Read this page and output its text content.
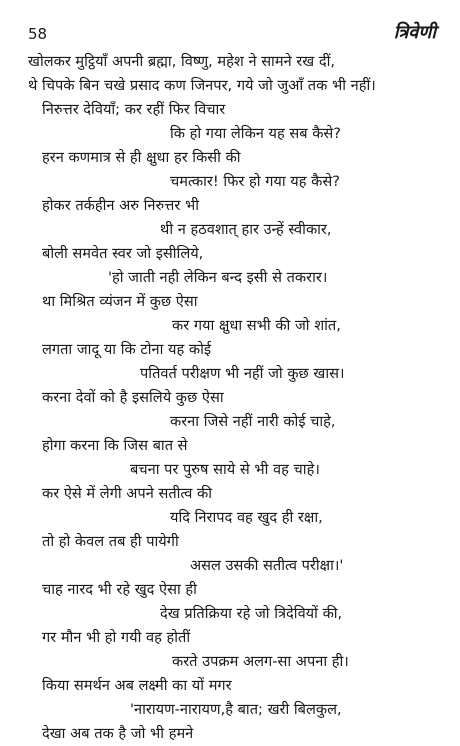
58	त्रिवेणी
खोलकर मुट्ठियाँ अपनी ब्रह्मा, विष्णु, महेश ने सामने रख दीं,
थे चिपके बिन चखे प्रसाद कण जिनपर, गये जो जुआँ तक भी नहीं।
निरुत्तर देवियाँ; कर रहीं फिर विचार
कि हो गया लेकिन यह सब कैसे?
हरन कणमात्र से ही क्षुधा हर किसी की
चमत्कार! फिर हो गया यह कैसे?
होकर तर्कहीन अरु निरुत्तर भी
थी न हठवशात् हार उन्हें स्वीकार,
बोली समवेत स्वर जो इसीलिये,
'हो जाती नही लेकिन बन्द इसी से तकरार।
था मिश्रित व्यंजन में कुछ ऐसा
कर गया क्षुधा सभी की जो शांत,
लगता जादू या कि टोना यह कोई
पतिवर्त परीक्षण भी नहीं जो कुछ खास।
करना देवों को है इसलिये कुछ ऐसा
करना जिसे नहीं नारी कोई चाहे,
होगा करना कि जिस बात से
बचना पर पुरुष साये से भी वह चाहे।
कर ऐसे में लेगी अपने सतीत्व की
यदि निरापद वह खुद ही रक्षा,
तो हो केवल तब ही पायेगी
असल उसकी सतीत्व परीक्षा।'
चाह नारद भी रहे खुद ऐसा ही
देख प्रतिक्रिया रहे जो त्रिदेवियों की,
गर मौन भी हो गयी वह होतीं
करते उपक्रम अलग-सा अपना ही।
किया समर्थन अब लक्ष्मी का यों मगर
'नारायण-नारायण,है बात; खरी बिलकुल,
देखा अब तक है जो भी हमने
